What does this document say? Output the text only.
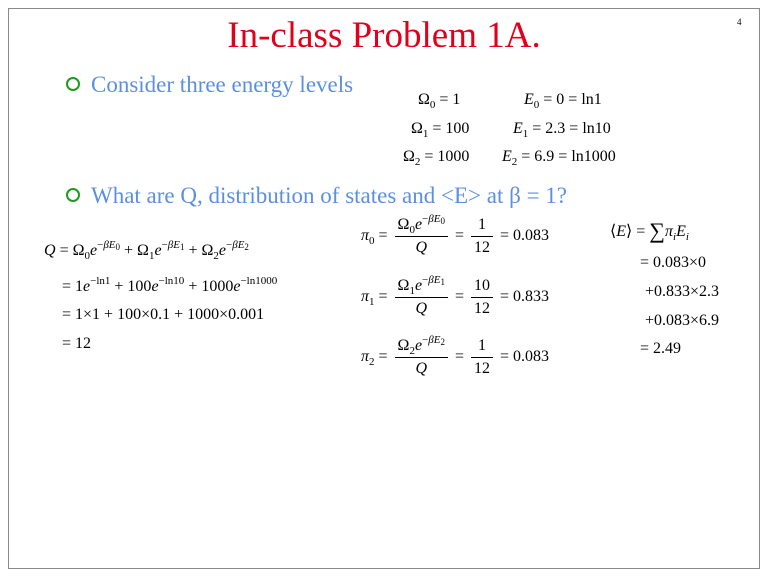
In-class Problem 1A.	4
Consider three energy levels
What are Q, distribution of states and <E> at β = 1?
$\Omega_0 = 1$
$\Omega_1 = 100$
$\Omega_2 = 1000$
$E_0 = 0 = \ln 1$
$E_1 = 2.3 = \ln 10$
$E_2 = 6.9 = \ln 1000$
$Q = \Omega_0e^{-\beta E_0} + \Omega_1e^{-\beta E_1} + \Omega_2e^{-\beta E_2}$
= $1e^{-ln1} + 100e^{-ln10} + 1000e^{-ln1000}$
= 1×1 + 100×0.1 + 1000×0.001
= 12
$\pi_0 = \frac{\Omega_0e^{-\beta E_0}}{Q} = \frac{1}{12} = 0.083$
$\pi_1 = \frac{\Omega_1e^{-\beta E_1}}{Q} = \frac{10}{12} = 0.833$
$\pi_2 = \frac{\Omega_2e^{-\beta E_2}}{Q} = \frac{1}{12} = 0.083$
⟨E⟩ = $\sum\pi_iE_i$
= 0.083×0
+0.833×2.3
+0.083×6.9
= 2.49
